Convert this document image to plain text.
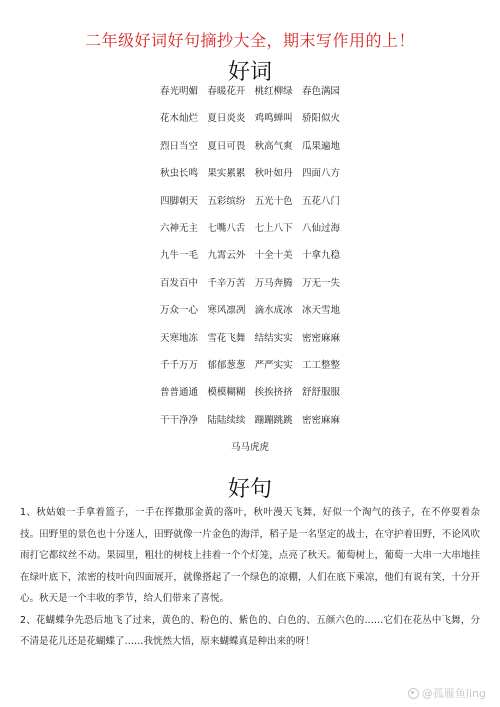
二年级好词好句摘抄大全，期末写作用的上！
好词
春光明媚 春暖花开 桃红柳绿 春色满园
花木灿烂 夏日炎炎 鸡鸣蝉叫 骄阳似火
烈日当空 夏日可畏 秋高气爽 瓜果遍地
秋虫长鸣 果实累累 秋叶如丹 四面八方
四脚朝天 五彩缤纷 五光十色 五花八门
六神无主 七嘴八舌 七上八下 八仙过海
九牛一毛 九霄云外 十全十美 十拿九稳
百发百中 千辛万苦 万马奔腾 万无一失
万众一心 寒风凛冽 滴水成冰 冰天雪地
天寒地冻 雪花飞舞 结结实实 密密麻麻
千千万万 郁郁葱葱 严严实实 工工整整
普普通通 模模糊糊 挨挨挤挤 舒舒服服
干干净净 陆陆续续 蹦蹦跳跳 密密麻麻
马马虎虎
好句

1、秋姑娘一手拿着篮子，一手在挥撒那金黄的落叶，秋叶漫天飞舞，好似一个淘气的孩子，在不停耍着杂技。田野里的景色也十分迷人，田野就像一片金色的海洋，稻子是一名坚定的战士，在守护着田野，不论风吹雨打它都纹丝不动。果园里，粗壮的树枝上挂着一个个灯笼，点亮了秋天。葡萄树上，葡萄一大串一大串地挂在绿叶底下，浓密的枝叶向四面展开，就像搭起了一个绿色的凉棚，人们在底下乘凉，他们有说有笑，十分开心。秋天是一个丰收的季节，给人们带来了喜悦。

2、花蝴蝶争先恐后地飞了过来，黄色的、粉色的、紫色的、白色的、五颜六色的……它们在花丛中飞舞，分不清是花儿还是花蝴蝶了……我恍然大悟，原来蝴蝶真是种出来的呀！

@孤雁鱼ling
